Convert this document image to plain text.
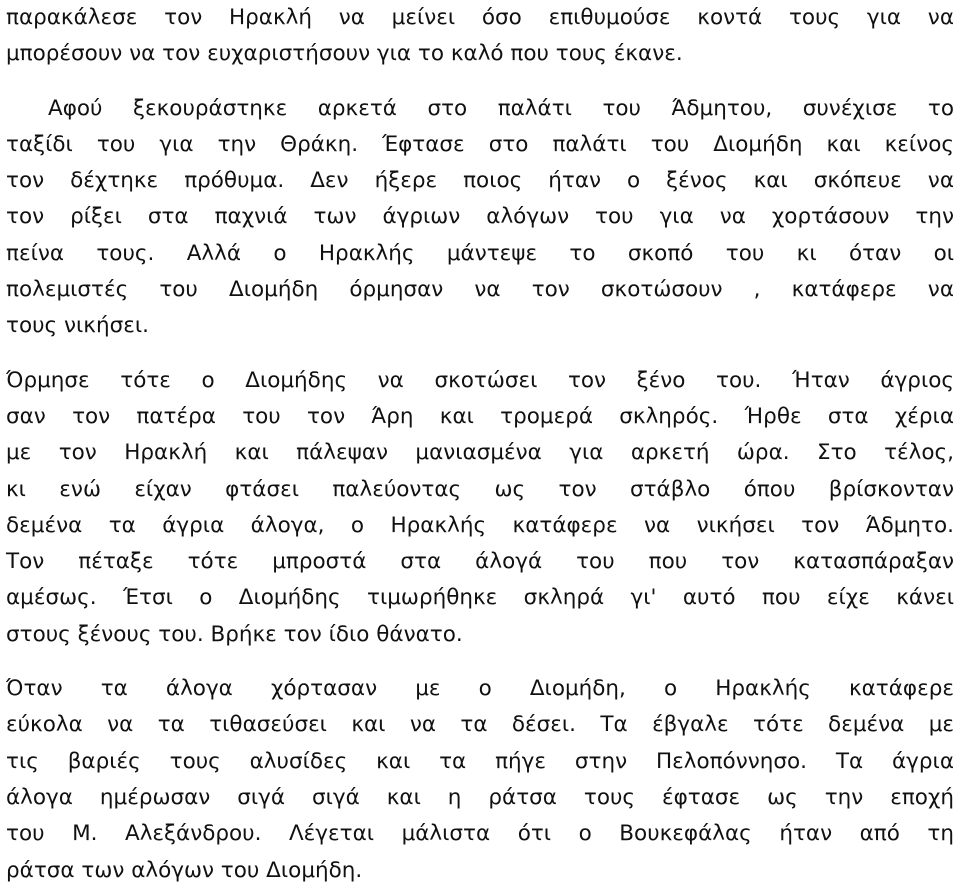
παρακάλεσε τον Ηρακλή να μείνει όσο επιθυμούσε κοντά τους για να
μπορέσουν να τον ευχαριστήσουν για το καλό που τους έκανε.
Αφού ξεκουράστηκε αρκετά στο παλάτι του Άδμητου, συνέχισε το
ταξίδι του για την Θράκη. Έφτασε στο παλάτι του Διομήδη και κείνος
τον δέχτηκε πρόθυμα. Δεν ήξερε ποιος ήταν ο ξένος και σκόπευε να
τον ρίξει στα παχνιά των άγριων αλόγων του για να χορτάσουν την
πείνα τους. Αλλά ο Ηρακλής μάντεψε το σκοπό του κι όταν οι
πολεμιστές του Διομήδη όρμησαν να τον σκοτώσουν , κατάφερε να
τους νικήσει.
Όρμησε τότε ο Διομήδης να σκοτώσει τον ξένο του. Ήταν άγριος
σαν τον πατέρα του τον Άρη και τρομερά σκληρός. Ήρθε στα χέρια
με τον Ηρακλή και πάλεψαν μανιασμένα για αρκετή ώρα. Στο τέλος,
κι ενώ είχαν φτάσει παλεύοντας ως τον στάβλο όπου βρίσκονταν
δεμένα τα άγρια άλογα, ο Ηρακλής κατάφερε να νικήσει τον Άδμητο.
Τον πέταξε τότε μπροστά στα άλογά του που τον κατασπάραξαν
αμέσως. Έτσι ο Διομήδης τιμωρήθηκε σκληρά γι' αυτό που είχε κάνει
στους ξένους του. Βρήκε τον ίδιο θάνατο.
Όταν τα άλογα χόρτασαν με ο Διομήδη, ο Ηρακλής κατάφερε
εύκολα να τα τιθασεύσει και να τα δέσει. Τα έβγαλε τότε δεμένα με
τις βαριές τους αλυσίδες και τα πήγε στην Πελοπόννησο. Τα άγρια
άλογα ημέρωσαν σιγά σιγά και η ράτσα τους έφτασε ως την εποχή
του Μ. Αλεξάνδρου. Λέγεται μάλιστα ότι ο Βουκεφάλας ήταν από τη
ράτσα των αλόγων του Διομήδη.
